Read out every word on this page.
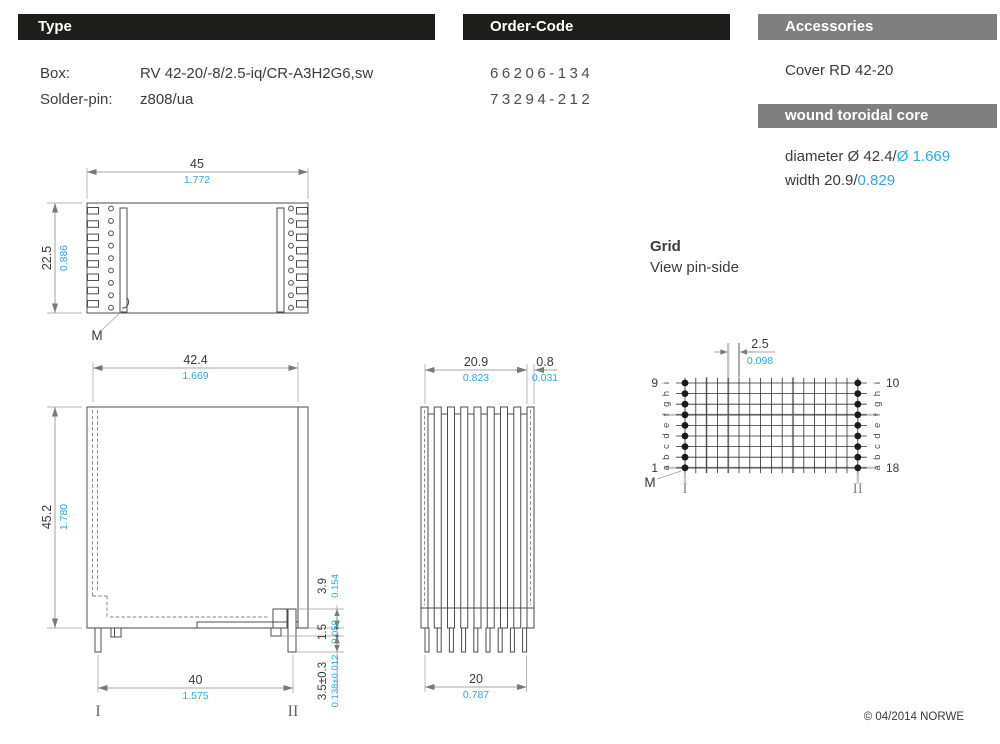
Type	Order-Code	Accessories
Box:	RV 42-20/-8/2.5-iq/CR-A3H2G6,sw
Solder-pin: z808/ua
66206-134
73294-212
Cover RD 42-20
wound toroidal core
diameter Ø 42.4/Ø 1.669
width 20.9/0.829
Grid
View pin-side
45
1.772
22.5 0.886
M
42.4
1.669
45.2 1.780
40
1.575
I	II
3.9 0.154
1.5 0.059
3.5±0.3 0.138±0.012
20.9
0.823
0.8
0.031
20
0.787
2.5
0.098
i
h
g
f
e
d
c
b
a
i
h
g
f
e
d
c
b
a
9
1
10
18
M I	II
© 04/2014 NORWE
